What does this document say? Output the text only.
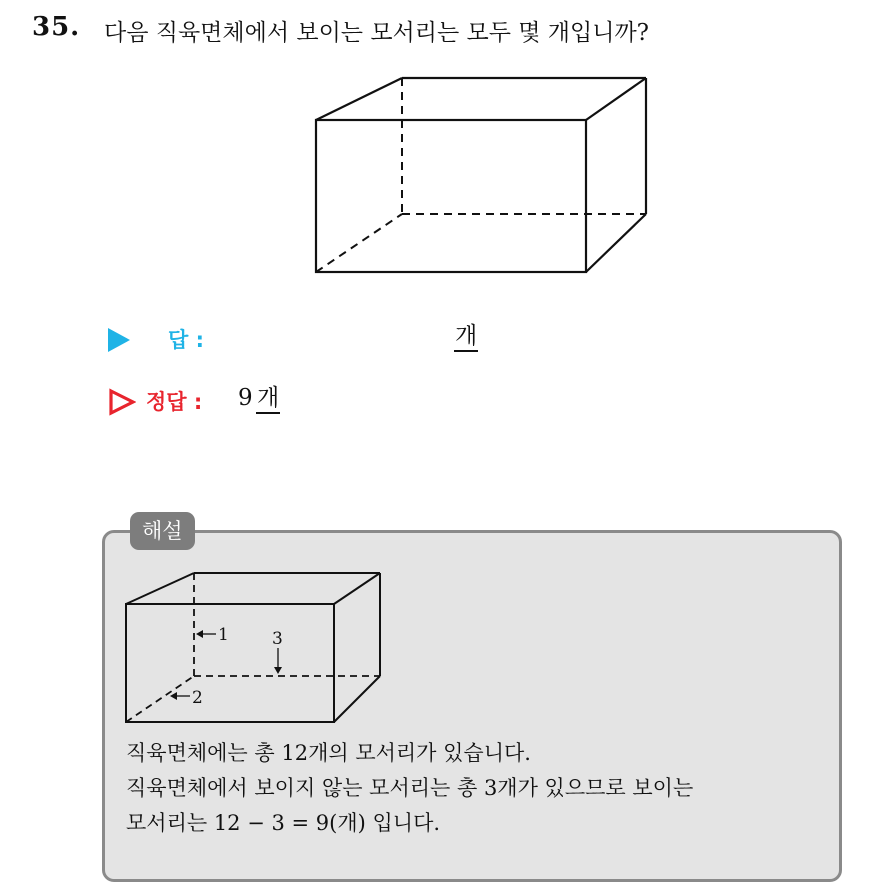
35. 다음 직육면체에서 보이는 모서리는 모두 몇 개입니까?
답 :	개
정답 : 9 개
해설
1	3
2
직육면체에는 총 12개의 모서리가 있습니다.
직육면체에서 보이지 않는 모서리는 총 3개가 있으므로 보이는
모서리는 12 − 3 = 9(개) 입니다.
